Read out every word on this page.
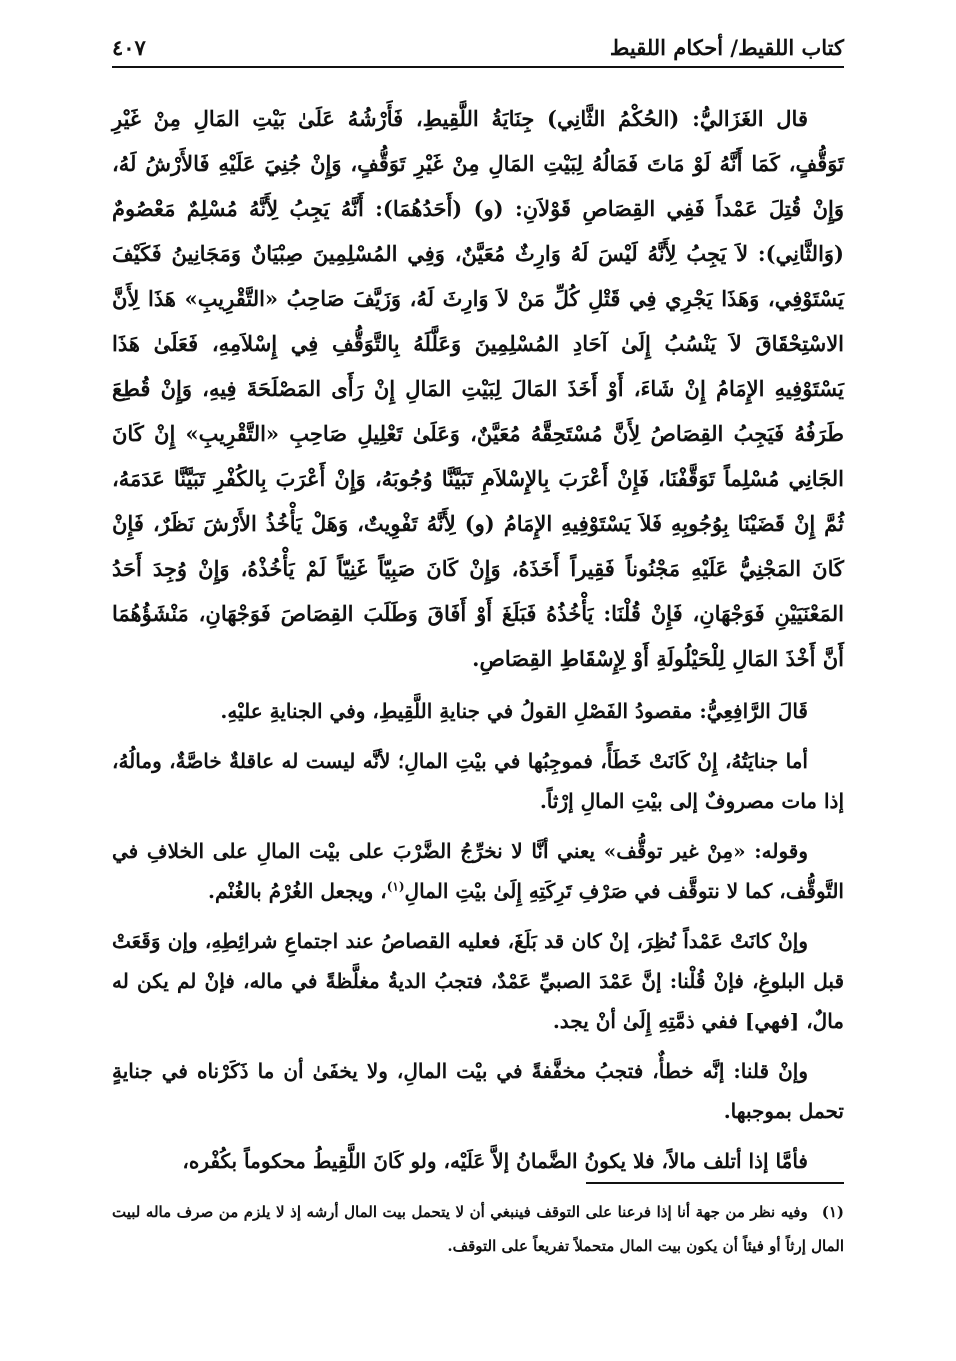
كتاب اللقيط/ أحكام اللقيط
٤٠٧

قال الغَزَاليُّ: (الحُكْمُ الثَّانِي) جِنَايَةُ اللَّقِيطِ، فَأَرْشُهُ عَلَىٰ بَيْتِ المَالِ مِنْ غَيْرِ تَوَقُّفٍ، كَمَا أَنَّهُ لَوْ مَاتَ فَمَالُهُ لِبَيْتِ المَالِ مِنْ غَيْرِ تَوَقُّفٍ، وَإِنْ جُنِيَ عَلَيْهِ فَالأَرْشُ لَهُ، وَإِنْ قُتِلَ عَمْداً فَفِي القِصَاصِ قَوْلاَنِ: (و) (أَحَدُهُمَا): أَنَّهُ يَجِبُ لِأَنَّهُ مُسْلِمٌ مَعْصُومٌ (وَالثَّانِي): لاَ يَجِبُ لِأَنَّهُ لَيْسَ لَهُ وَارِثٌ مُعَيَّنٌ، وَفِي المُسْلِمِينَ صِبْيَانٌ وَمَجَانِينُ فَكَيْفَ يَسْتَوْفِي، وَهَذَا يَجْرِي فِي قَتْلِ كُلِّ مَنْ لاَ وَارِثَ لَهُ، وَزَيَّفَ صَاحِبُ «التَّقْرِيبِ» هَذَا لِأَنَّ الاسْتِحْقَاقَ لاَ يَنْسُبُ إِلَىٰ آحَادِ المُسْلِمِينَ وَعَلَّلَهُ بِالتَّوَقُّفِ فِي إِسْلاَمِهِ، فَعَلَىٰ هَذَا يَسْتَوْفِيهِ الإِمَامُ إِنْ شَاءَ، أَوْ أَخَذَ المَالَ لِبَيْتِ المَالِ إِنْ رَأَى المَصْلَحَةَ فِيهِ، وَإِنْ قُطِعَ طَرَفُهُ فَيَجِبُ القِصَاصُ لِأَنَّ مُسْتَحِقَّهُ مُعَيَّنٌ، وَعَلَىٰ تَعْلِيلِ صَاحِبِ «التَّقْرِيبِ» إِنْ كَانَ الجَانِي مُسْلِماً تَوَقَّفْنَا، فَإِنْ أَعْرَبَ بِالإِسْلاَمِ تَبَيَّنَّا وُجُوبَهُ، وَإِنْ أَعْرَبَ بِالكُفْرِ تَبَيَّنَّا عَدَمَهُ، ثُمَّ إِنْ قَضَيْنَا بِوُجُوبِهِ فَلاَ يَسْتَوْفِيهِ الإِمَامُ (و) لِأَنَّهُ تَفْوِيتٌ، وَهَلْ يَأْخُذُ الأَرْشَ نَظَرٌ، فَإِنْ كَانَ المَجْنِيُّ عَلَيْهِ مَجْنُوناً فَقِيراً أَخَذَهُ، وَإِنْ كَانَ صَبِيّاً غَنِيّاً لَمْ يَأْخُذْهُ، وَإِنْ وُجِدَ أَحَدُ المَعْنَيَيْنِ فَوَجْهَانِ، فَإِنْ قُلْنَا: يَأْخُذُهُ فَبَلَغَ أَوْ أَفَاقَ وَطَلَبَ القِصَاصَ فَوَجْهَانِ، مَنْشَؤُهُمَا أَنَّ أَخْذَ المَالِ لِلْحَيْلُولَةِ أَوْ لِإِسْقَاطِ القِصَاصِ.

قَالَ الرَّافِعِيُّ: مقصودُ الفَصْلِ القولُ في جنايةِ اللَّقِيطِ، وفي الجنايةِ عليْهِ.

أما جنايَتُهُ، إِنْ كَانَتْ خَطَأً، فموجِبُها في بيْتِ المالِ؛ لأنَّه ليست له عاقلةٌ خاصَّةٌ، ومالُهُ، إذا مات مصروفٌ إلى بيْتِ المالِ إرْثاً.

وقوله: «مِنْ غير توقُّف» يعني أنَّا لا نخرِّجُ الضَّرْبَ على بيْت المالِ على الخلافِ في التَّوقُّف، كما لا نتوقَّف في صَرْفِ تَرِكَتِهِ إِلَىٰ بيْتِ المالِ$^{(١)}$، ويجعل الغُرْمُ بالغُنْم.

وإنْ كانَتْ عَمْداً نُظِرَ، إنْ كان قد بَلَغَ، فعليه القصاصُ عند اجتماعِ شرائِطِهِ، وإن وَقَعَتْ قبل البلوغِ، فإنْ قُلْنا: إنَّ عَمْدَ الصبيِّ عَمْدٌ، فتجبُ الديةُ مغلَّظةً في ماله، فإنْ لم يكن له مالٌ، [فهي] ففي ذمَّتِهِ إِلَىٰ أنْ يجد.

وإنْ قلنا: إنَّه خطأٌ، فتجبُ مخفَّفةً في بيْت المالِ، ولا يخفَىٰ أن ما ذَكَرْناه في جنايةٍ تحمل بموجبها.

فأمَّا إذا أتلف مالاً، فلا يكونُ الضَّمانُ إلاَّ عَلَيْه، ولو كَانَ اللَّقِيطُ محكوماً بكُفْره،

(١)وفيه نظر من جهة أنا إذا فرعنا على التوقف فينبغي أن لا يتحمل بيت المال أرشه إذ لا يلزم من صرف ماله لبيت المال إرثاً أو فيئاً أن يكون بيت المال متحملاً تفريعاً على التوقف.
